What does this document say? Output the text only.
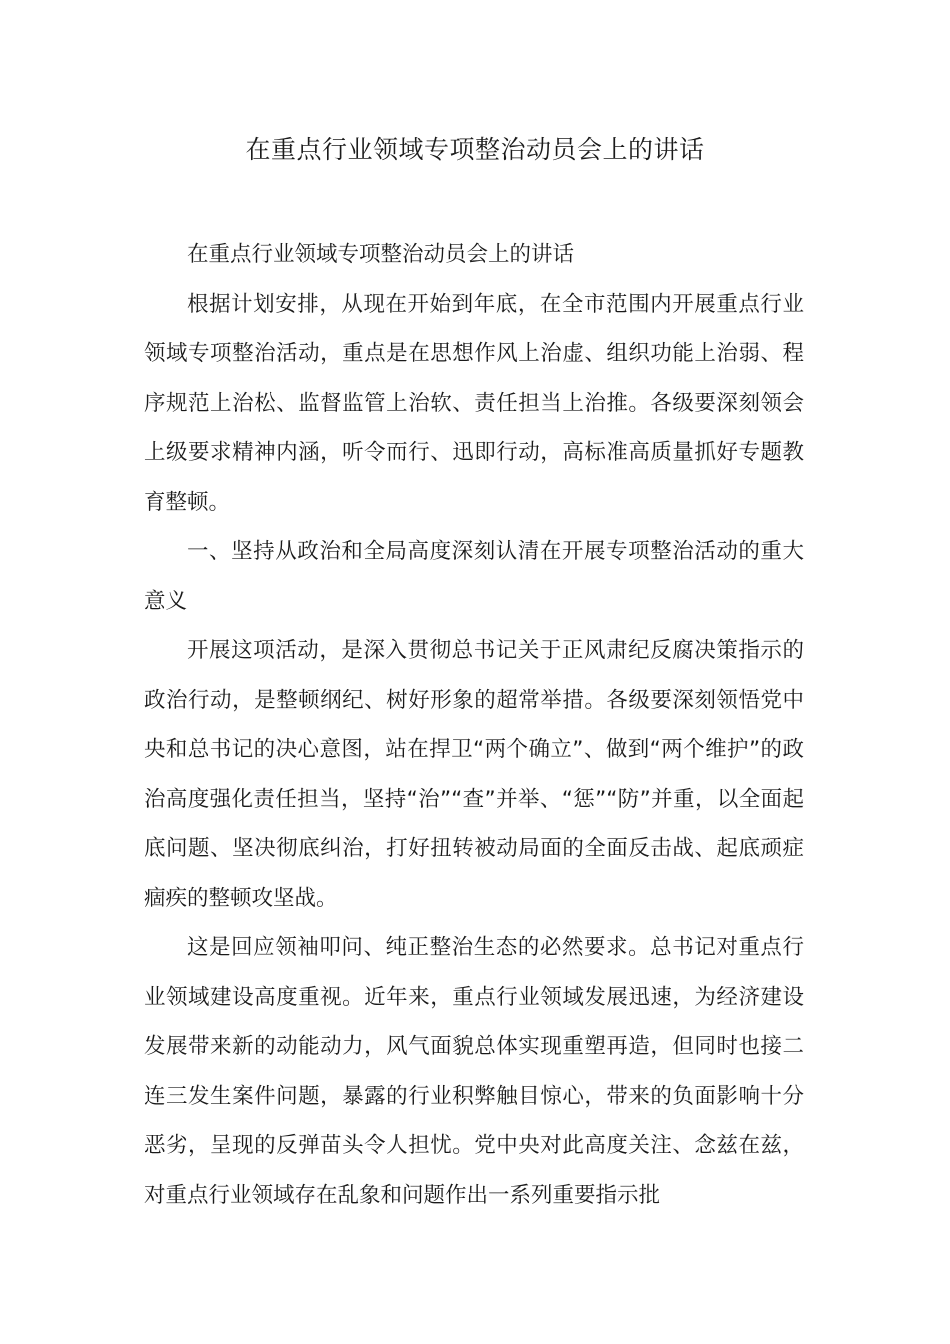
在重点行业领域专项整治动员会上的讲话

在重点行业领域专项整治动员会上的讲话

根据计划安排，从现在开始到年底，在全市范围内开展重点行业领域专项整治活动，重点是在思想作风上治虚、组织功能上治弱、程序规范上治松、监督监管上治软、责任担当上治推。各级要深刻领会上级要求精神内涵，听令而行、迅即行动，高标准高质量抓好专题教育整顿。

一、坚持从政治和全局高度深刻认清在开展专项整治活动的重大意义

开展这项活动，是深入贯彻总书记关于正风肃纪反腐决策指示的政治行动，是整顿纲纪、树好形象的超常举措。各级要深刻领悟党中央和总书记的决心意图，站在捍卫“两个确立”、做到“两个维护”的政治高度强化责任担当，坚持“治”“查”并举、“惩”“防”并重，以全面起底问题、坚决彻底纠治，打好扭转被动局面的全面反击战、起底顽症痼疾的整顿攻坚战。

这是回应领袖叩问、纯正整治生态的必然要求。总书记对重点行业领域建设高度重视。近年来，重点行业领域发展迅速，为经济建设发展带来新的动能动力，风气面貌总体实现重塑再造，但同时也接二连三发生案件问题，暴露的行业积弊触目惊心，带来的负面影响十分恶劣，呈现的反弹苗头令人担忧。党中央对此高度关注、念兹在兹，对重点行业领域存在乱象和问题作出一系列重要指示批
